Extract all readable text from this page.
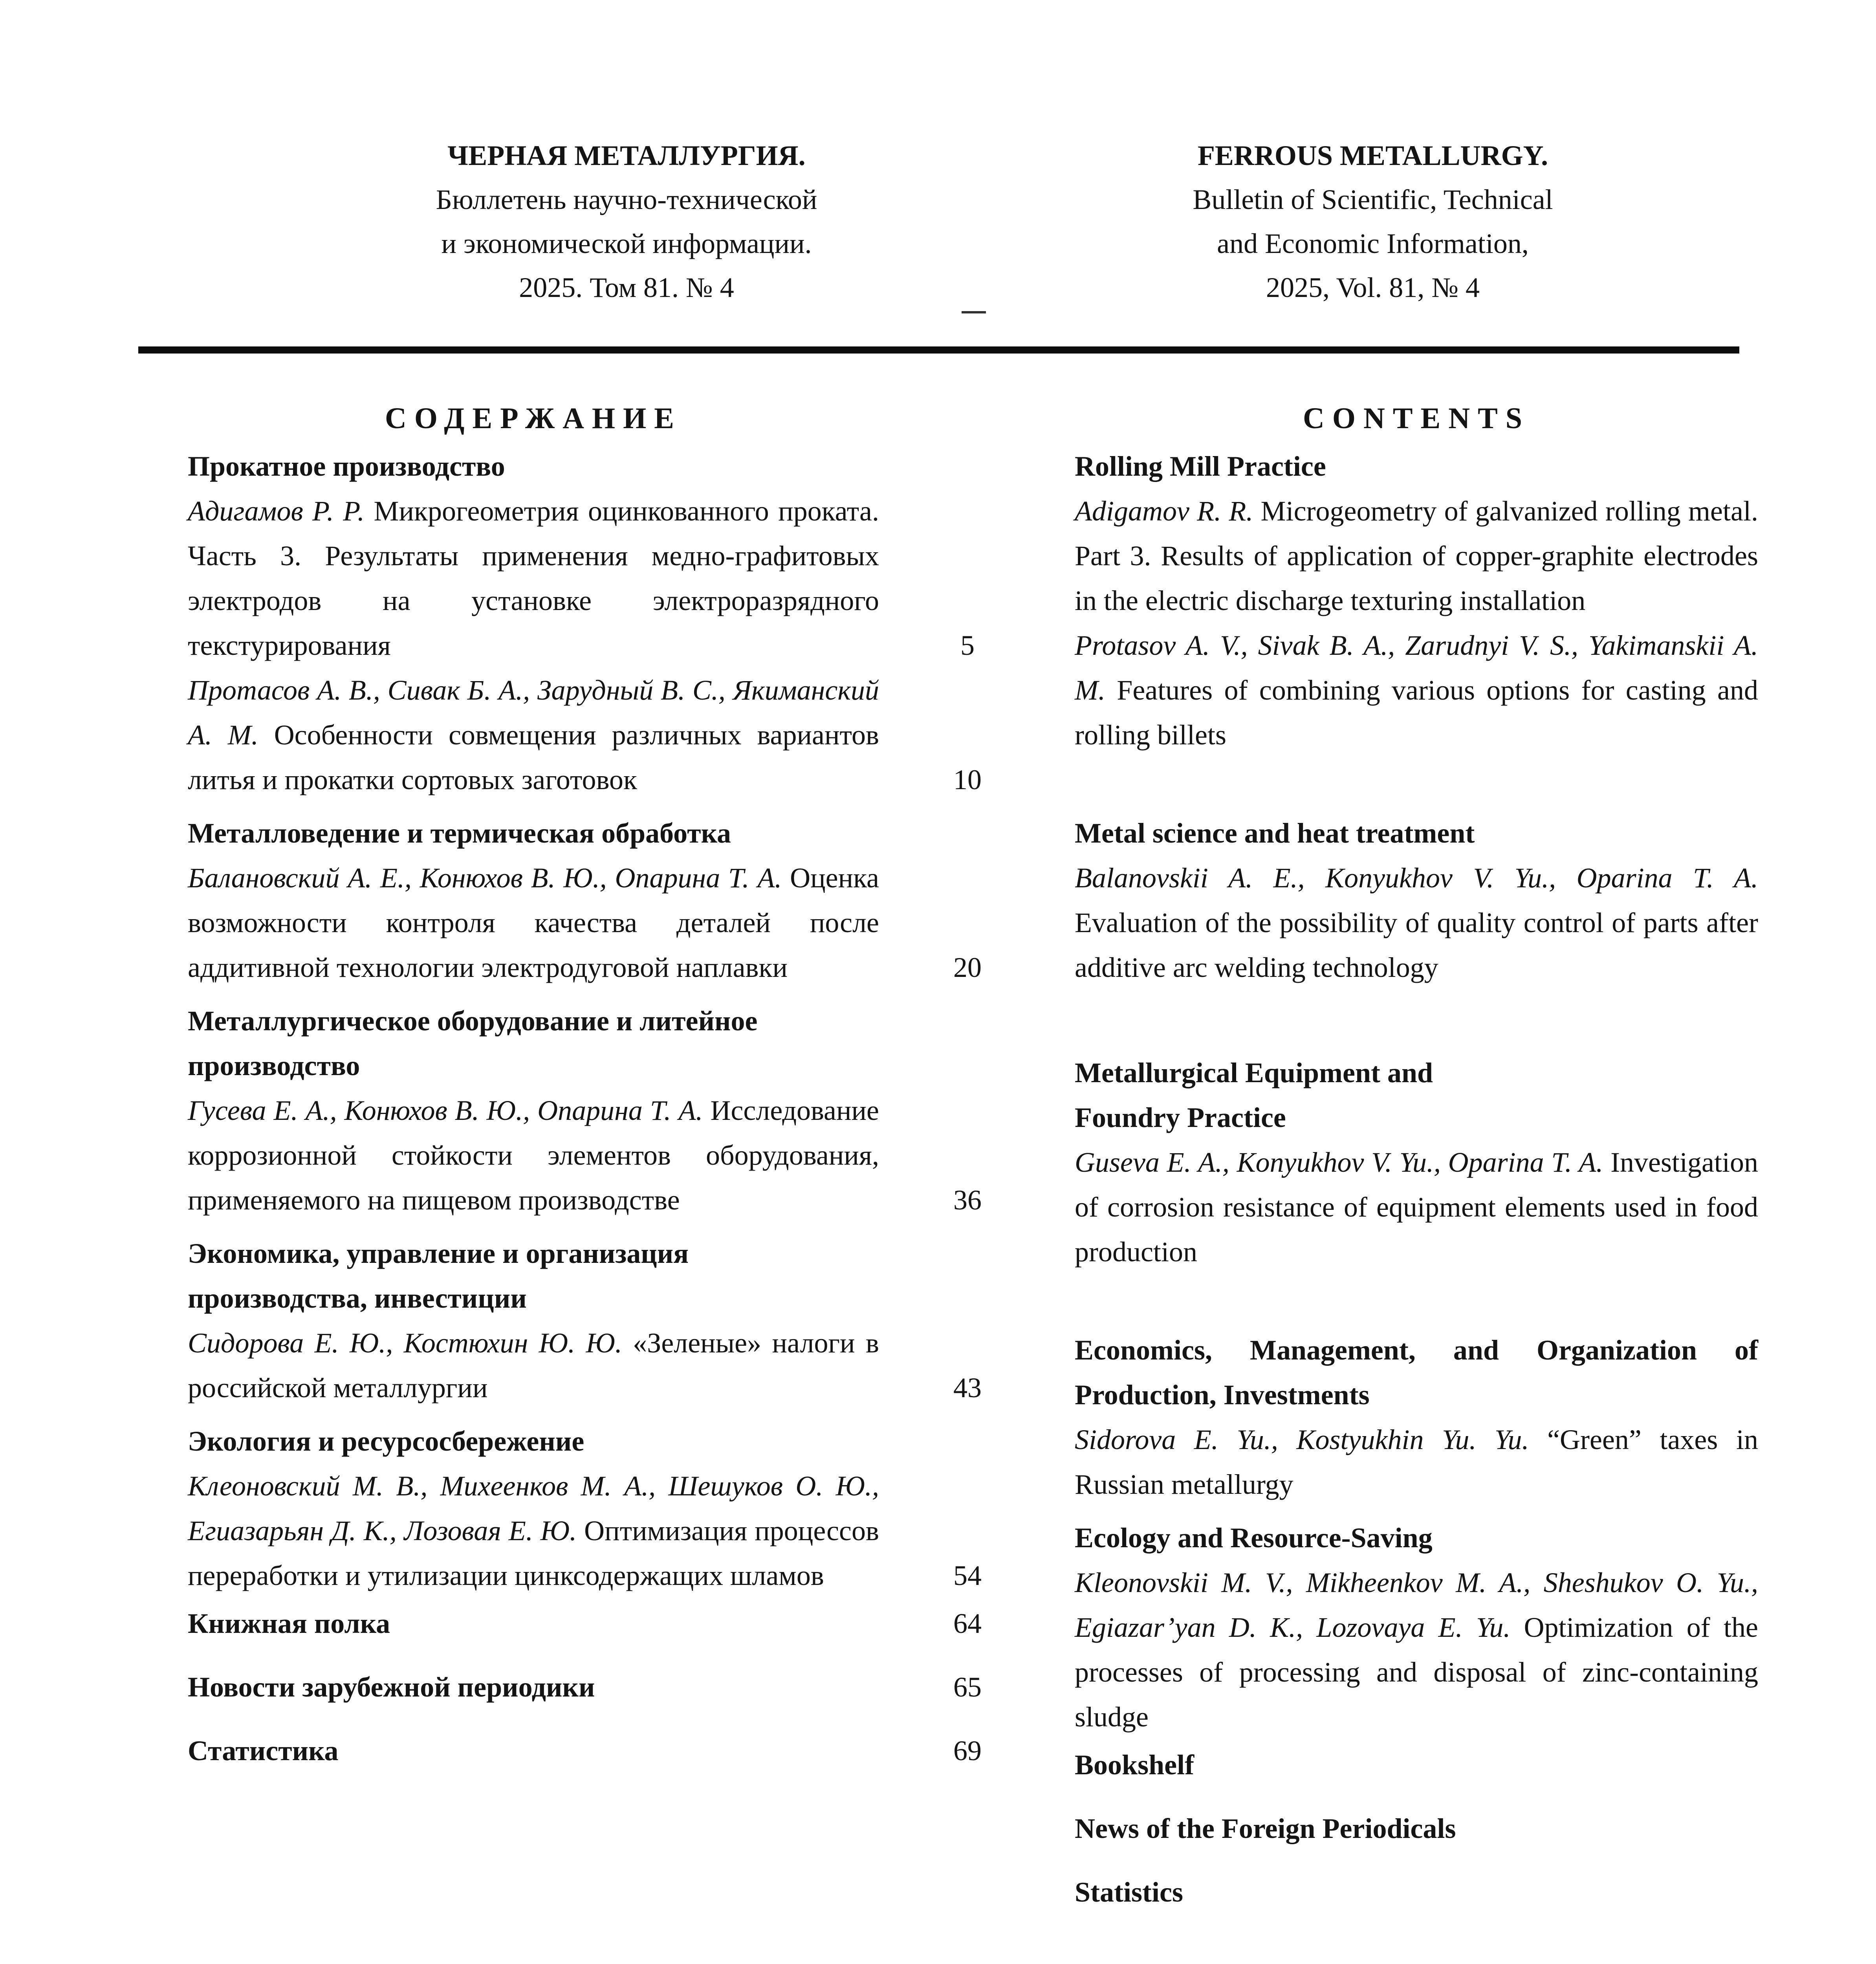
ЧЕРНАЯ МЕТАЛЛУРГИЯ.
Бюллетень научно-технической
и экономической информации.
2025. Том 81. № 4
FERROUS METALLURGY.
Bulletin of Scientific, Technical
and Economic Information,
2025, Vol. 81, № 4
СОДЕРЖАНИЕ
Прокатное производство
Адигамов Р. Р. Микрогеометрия оцинкованного проката. Часть 3. Результаты применения медно-графитовых электродов на установке электроразрядного текстурирования	5
Протасов А. В., Сивак Б. А., Зарудный В. С., Якиманский А. М. Особенности совмещения различных вариантов литья и прокатки сортовых заготовок	10
Металловедение и термическая обработка
Балановский А. Е., Конюхов В. Ю., Опарина Т. А. Оценка возможности контроля качества деталей после аддитивной технологии электродуговой наплавки	20
Металлургическое оборудование и литейное производство
Гусева Е. А., Конюхов В. Ю., Опарина Т. А. Исследование коррозионной стойкости элементов оборудования, применяемого на пищевом производстве	36
Экономика, управление и организация производства, инвестиции
Сидорова Е. Ю., Костюхин Ю. Ю. «Зеленые» налоги в российской металлургии	43
Экология и ресурсосбережение
Клеоновский М. В., Михеенков М. А., Шешуков О. Ю., Егиазарьян Д. К., Лозовая Е. Ю. Оптимизация процессов переработки и утилизации цинксодержащих шламов	54
Книжная полка	64
Новости зарубежной периодики	65
Статистика	69
CONTENTS
Rolling Mill Practice
Adigamov R. R. Microgeometry of galvanized rolling metal. Part 3. Results of application of copper-graphite electrodes in the electric discharge texturing installation
Protasov A. V., Sivak B. A., Zarudnyi V. S., Yakimanskii A. M. Features of combining various options for casting and rolling billets
Metal science and heat treatment
Balanovskii A. E., Konyukhov V. Yu., Oparina T. A. Evaluation of the possibility of quality control of parts after additive arc welding technology
Metallurgical Equipment and Foundry Practice
Guseva E. A., Konyukhov V. Yu., Oparina T. A. Investigation of corrosion resistance of equipment elements used in food production
Economics, Management, and Organization of Production, Investments
Sidorova E. Yu., Kostyukhin Yu. Yu. “Green” taxes in Russian metallurgy
Ecology and Resource-Saving
Kleonovskii M. V., Mikheenkov M. A., Sheshukov O. Yu., Egiazar’yan D. K., Lozovaya E. Yu. Optimization of the processes of processing and disposal of zinc-containing sludge
Bookshelf
News of the Foreign Periodicals
Statistics
